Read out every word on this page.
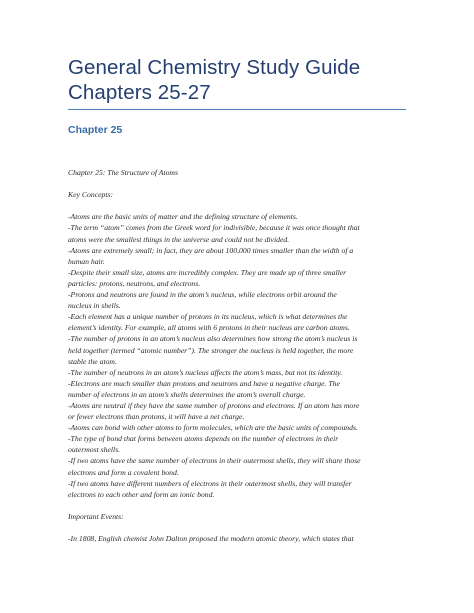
General Chemistry Study Guide
Chapters 25-27
Chapter 25
Chapter 25: The Structure of Atoms
Key Concepts:
-Atoms are the basic units of matter and the defining structure of elements.
-The term “atom” comes from the Greek word for indivisible, because it was once thought that
atoms were the smallest things in the universe and could not be divided.
-Atoms are extremely small; in fact, they are about 100,000 times smaller than the width of a
human hair.
-Despite their small size, atoms are incredibly complex. They are made up of three smaller
particles: protons, neutrons, and electrons.
-Protons and neutrons are found in the atom’s nucleus, while electrons orbit around the
nucleus in shells.
-Each element has a unique number of protons in its nucleus, which is what determines the
element’s identity. For example, all atoms with 6 protons in their nucleus are carbon atoms.
-The number of protons in an atom’s nucleus also determines how strong the atom’s nucleus is
held together (termed “atomic number”). The stronger the nucleus is held together, the more
stable the atom.
-The number of neutrons in an atom’s nucleus affects the atom’s mass, but not its identity.
-Electrons are much smaller than protons and neutrons and have a negative charge. The
number of electrons in an atom’s shells determines the atom’s overall charge.
-Atoms are neutral if they have the same number of protons and electrons. If an atom has more
or fewer electrons than protons, it will have a net charge.
-Atoms can bond with other atoms to form molecules, which are the basic units of compounds.
-The type of bond that forms between atoms depends on the number of electrons in their
outermost shells.
-If two atoms have the same number of electrons in their outermost shells, they will share those
electrons and form a covalent bond.
-If two atoms have different numbers of electrons in their outermost shells, they will transfer
electrons to each other and form an ionic bond.
Important Events:
-In 1808, English chemist John Dalton proposed the modern atomic theory, which states that
